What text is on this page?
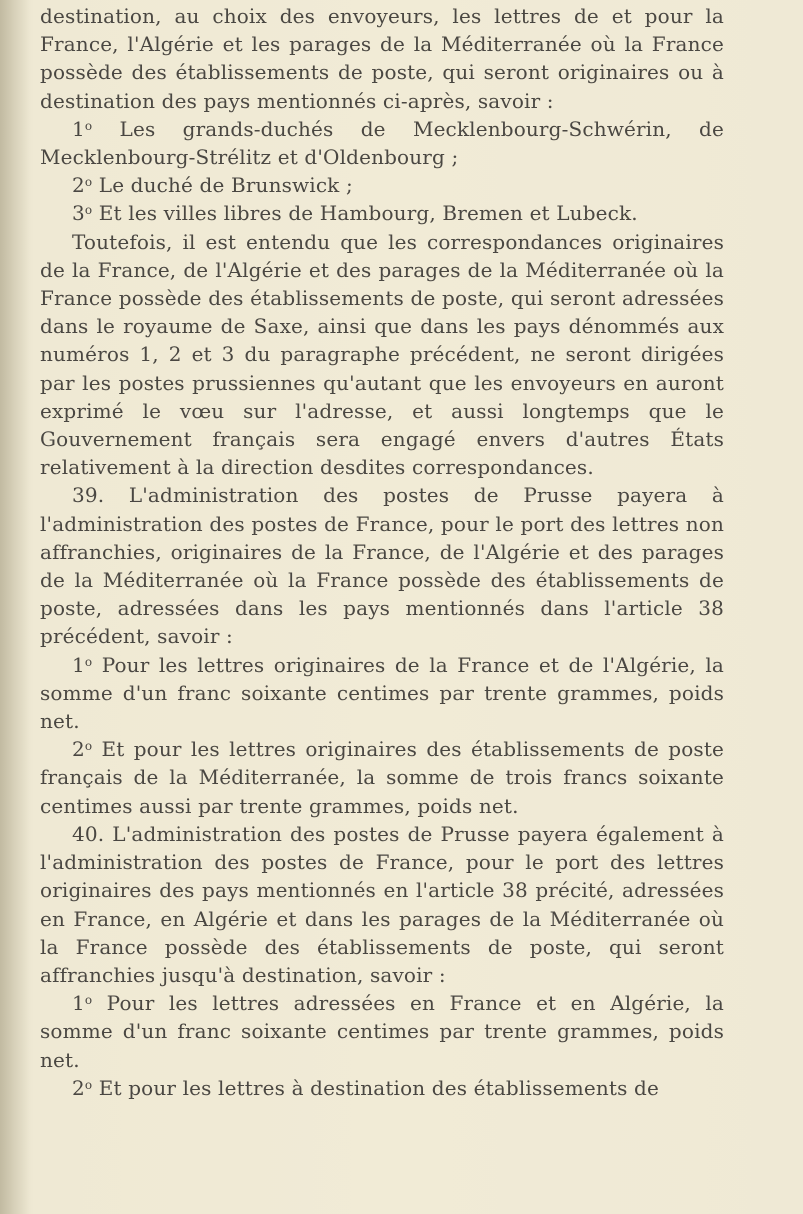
destination, au choix des envoyeurs, les lettres de et pour la France, l'Algérie et les parages de la Méditerranée où la France possède des établissements de poste, qui seront originaires ou à destination des pays mentionnés ci-après, savoir :

1$^o$ Les grands-duchés de Mecklenbourg-Schwérin, de Mecklenbourg-Strélitz et d'Oldenbourg ;

2$^o$ Le duché de Brunswick ;

3$^o$ Et les villes libres de Hambourg, Bremen et Lubeck.

Toutefois, il est entendu que les correspondances originaires de la France, de l'Algérie et des parages de la Méditerranée où la France possède des établissements de poste, qui seront adressées dans le royaume de Saxe, ainsi que dans les pays dénommés aux numéros 1, 2 et 3 du paragraphe précédent, ne seront dirigées par les postes prussiennes qu'autant que les envoyeurs en auront exprimé le vœu sur l'adresse, et aussi longtemps que le Gouvernement français sera engagé envers d'autres États relativement à la direction desdites correspondances.

39. L'administration des postes de Prusse payera à l'administration des postes de France, pour le port des lettres non affranchies, originaires de la France, de l'Algérie et des parages de la Méditerranée où la France possède des établissements de poste, adressées dans les pays mentionnés dans l'article 38 précédent, savoir :

1$^o$ Pour les lettres originaires de la France et de l'Algérie, la somme d'un franc soixante centimes par trente grammes, poids net.

2$^o$ Et pour les lettres originaires des établissements de poste français de la Méditerranée, la somme de trois francs soixante centimes aussi par trente grammes, poids net.

40. L'administration des postes de Prusse payera également à l'administration des postes de France, pour le port des lettres originaires des pays mentionnés en l'article 38 précité, adressées en France, en Algérie et dans les parages de la Méditerranée où la France possède des établissements de poste, qui seront affranchies jusqu'à destination, savoir :

1$^o$ Pour les lettres adressées en France et en Algérie, la somme d'un franc soixante centimes par trente grammes, poids net.

2$^o$ Et pour les lettres à destination des établissements de
